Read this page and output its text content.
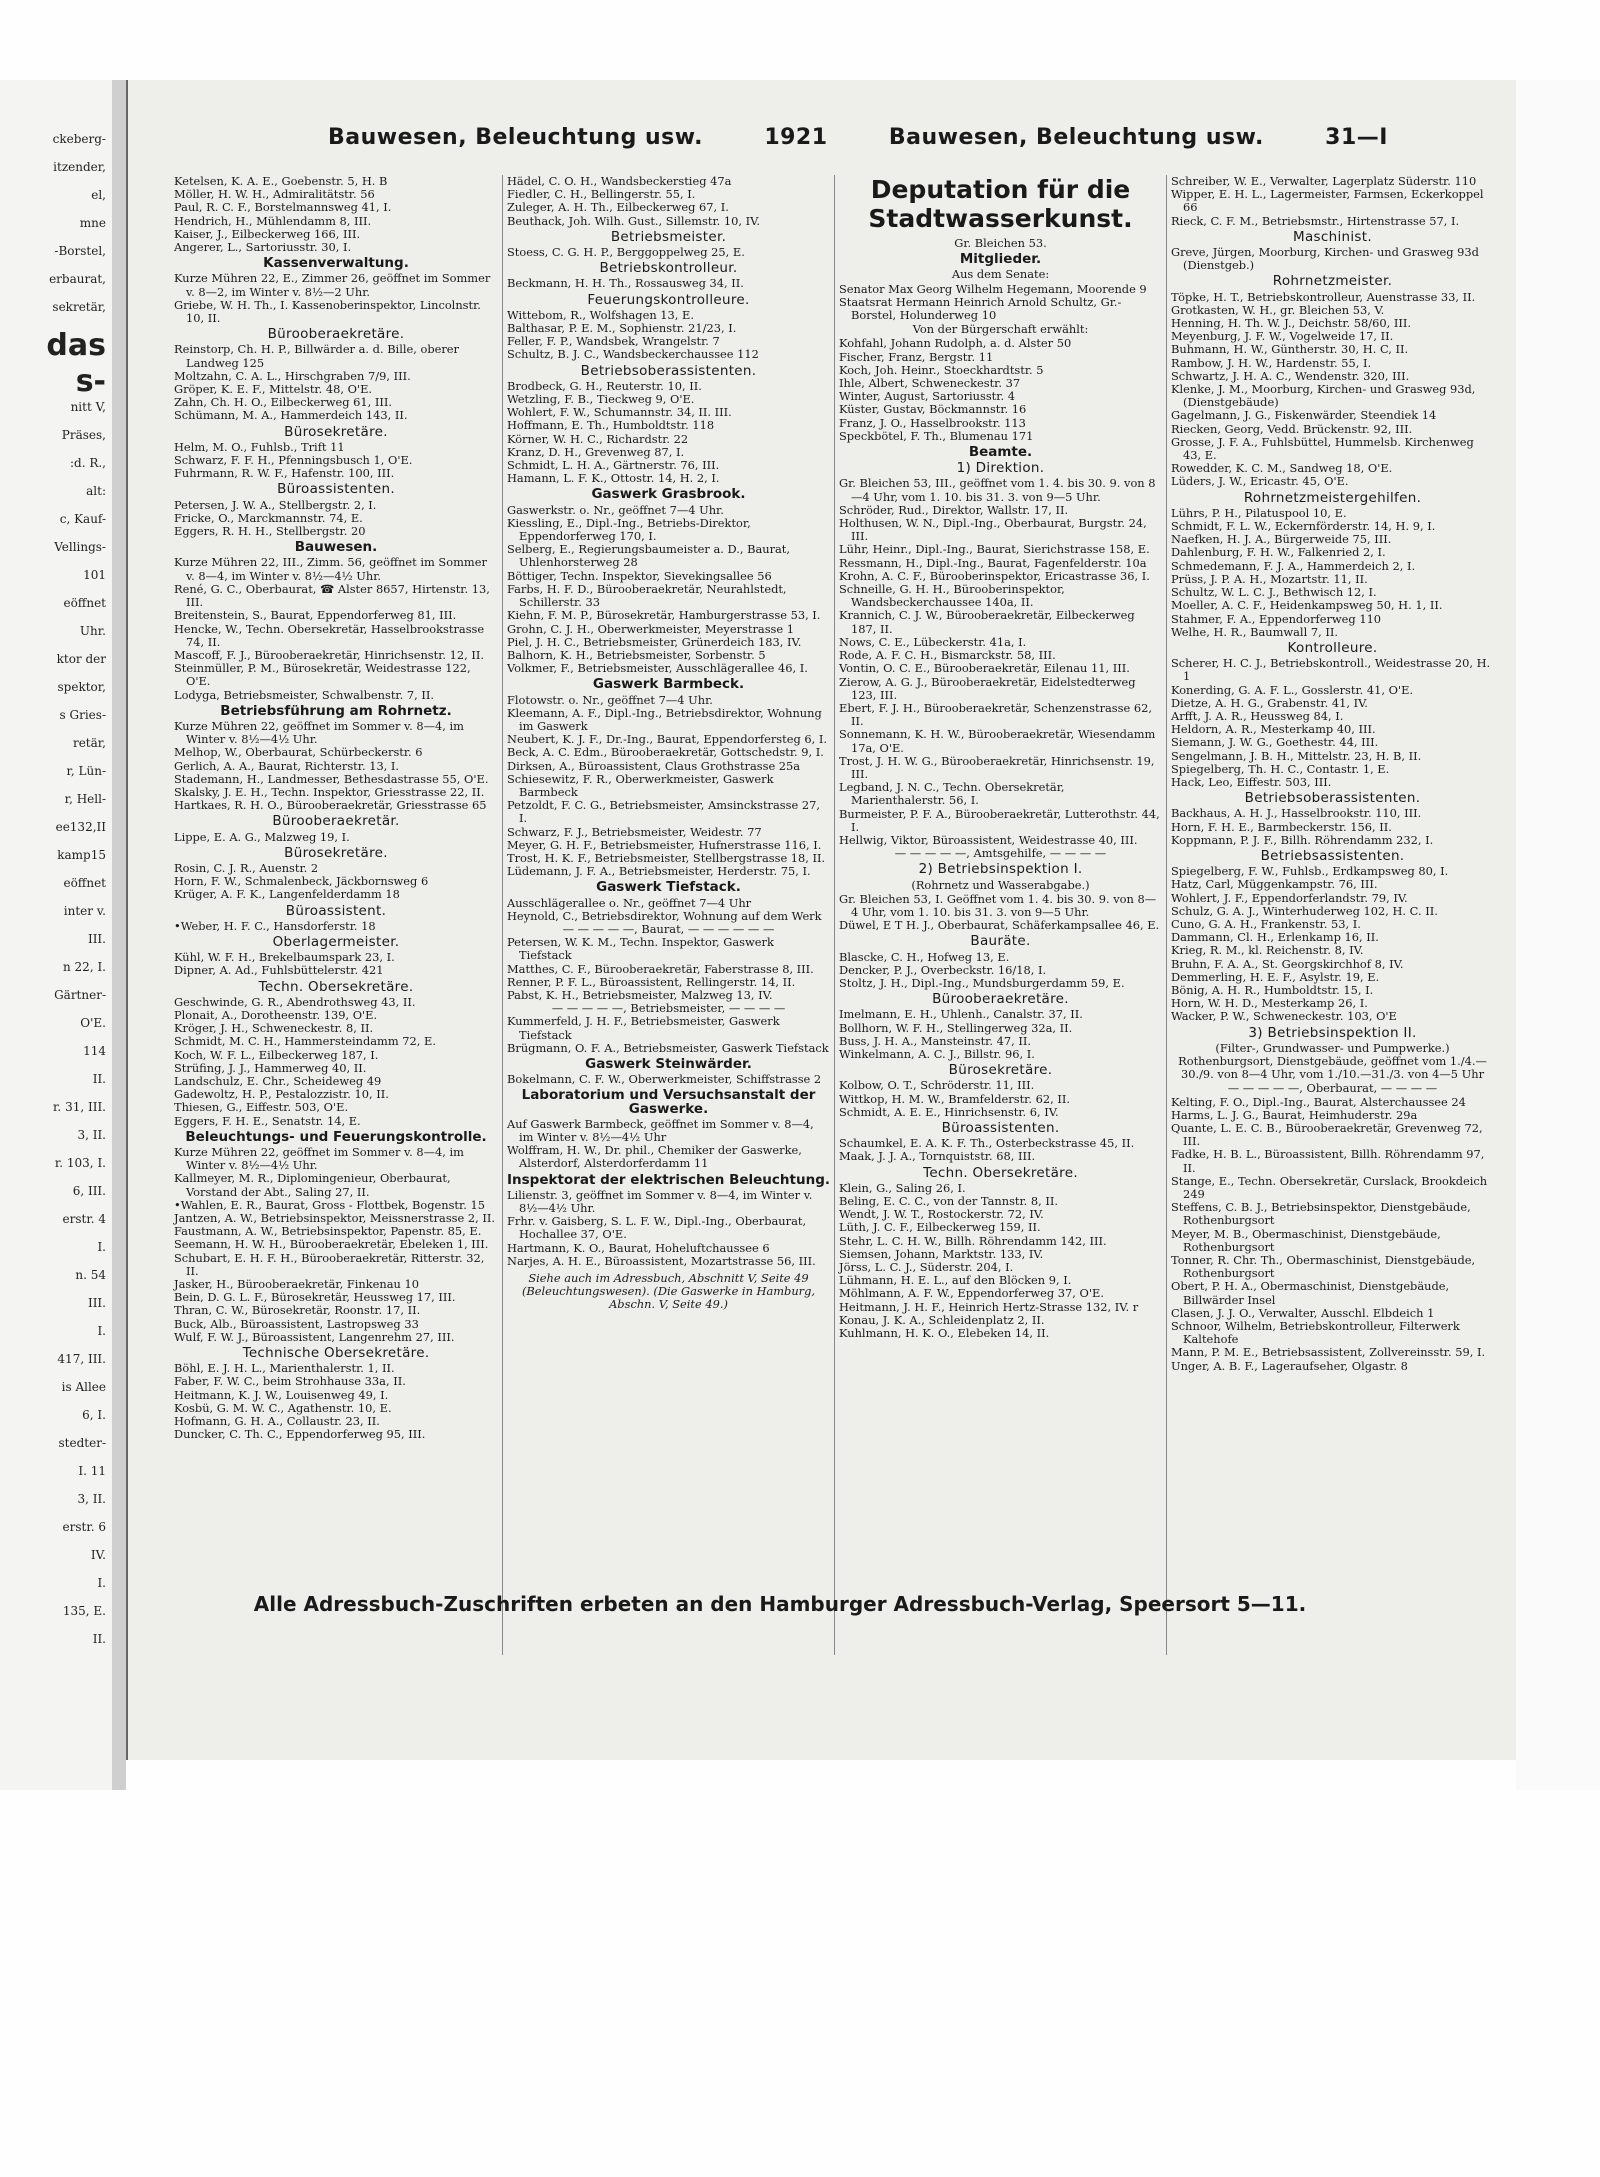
ckeberg-
itzender,
el,
mne
-Borstel,
erbaurat,
sekretär,
das
s-
nitt V,
Präses,
:d. R.,
alt:
c, Kauf-
Vellings-
101
eöffnet
Uhr.
ktor der
spektor,
s Gries-
retär,
r, Lün-
r, Hell-
ee132,II
kamp15
eöffnet
inter v.
III.
n 22, I.
Gärtner-
O'E.
114
II.
r. 31, III.
3, II.
r. 103, I.
6, III.
erstr. 4
I.
n. 54
III.
I.
417, III.
is Allee
6, I.
stedter-
I. 11
3, II.
erstr. 6
IV.
I.
135, E.
II.
Bauwesen, Beleuchtung usw.	1921	Bauwesen, Beleuchtung usw.	31—I
Ketelsen, K. A. E., Goebenstr. 5, H. B
Möller, H. W. H., Admiralitätstr. 56
Paul, R. C. F., Borstelmannsweg 41, I.
Hendrich, H., Mühlendamm 8, III.
Kaiser, J., Eilbeckerweg 166, III.
Angerer, L., Sartoriusstr. 30, I.
Kassenverwaltung.
Kurze Mühren 22, E., Zimmer 26, geöffnet im Sommer v. 8—2, im Winter v. 8½—2 Uhr.
Griebe, W. H. Th., I. Kassenoberinspektor, Lincolnstr. 10, II.
Bürooberaekretäre.
Reinstorp, Ch. H. P., Billwärder a. d. Bille, oberer Landweg 125
Moltzahn, C. A. L., Hirschgraben 7/9, III.
Gröper, K. E. F., Mittelstr. 48, O'E.
Zahn, Ch. H. O., Eilbeckerweg 61, III.
Schümann, M. A., Hammerdeich 143, II.
Bürosekretäre.
Helm, M. O., Fuhlsb., Trift 11
Schwarz, F. F. H., Pfenningsbusch 1, O'E.
Fuhrmann, R. W. F., Hafenstr. 100, III.
Büroassistenten.
Petersen, J. W. A., Stellbergstr. 2, I.
Fricke, O., Marckmannstr. 74, E.
Eggers, R. H. H., Stellbergstr. 20
Bauwesen.
Kurze Mühren 22, III., Zimm. 56, geöffnet im Sommer v. 8—4, im Winter v. 8½—4½ Uhr.
René, G. C., Oberbaurat, ☎ Alster 8657, Hirtenstr. 13, III.
Breitenstein, S., Baurat, Eppendorferweg 81, III.
Hencke, W., Techn. Obersekretär, Hasselbrookstrasse 74, II.
Mascoff, F. J., Bürooberaekretär, Hinrichsenstr. 12, II.
Steinmüller, P. M., Bürosekretär, Weidestrasse 122, O'E.
Lodyga, Betriebsmeister, Schwalbenstr. 7, II.
Betriebsführung am Rohrnetz.
Kurze Mühren 22, geöffnet im Sommer v. 8—4, im Winter v. 8½—4½ Uhr.
Melhop, W., Oberbaurat, Schürbeckerstr. 6
Gerlich, A. A., Baurat, Richterstr. 13, I.
Stademann, H., Landmesser, Bethesdastrasse 55, O'E.
Skalsky, J. E. H., Techn. Inspektor, Griesstrasse 22, II.
Hartkaes, R. H. O., Bürooberaekretär, Griesstrasse 65
Bürooberaekretär.
Lippe, E. A. G., Malzweg 19, I.
Bürosekretäre.
Rosin, C. J. R., Auenstr. 2
Horn, F. W., Schmalenbeck, Jäckbornsweg 6
Krüger, A. F. K., Langenfelderdamm 18
Büroassistent.
•Weber, H. F. C., Hansdorferstr. 18
Oberlagermeister.
Kühl, W. F. H., Brekelbaumspark 23, I.
Dipner, A. Ad., Fuhlsbüttelerstr. 421
Techn. Obersekretäre.
Geschwinde, G. R., Abendrothsweg 43, II.
Plonait, A., Dorotheenstr. 139, O'E.
Kröger, J. H., Schweneckestr. 8, II.
Schmidt, M. C. H., Hammersteindamm 72, E.
Koch, W. F. L., Eilbeckerweg 187, I.
Strüfing, J. J., Hammerweg 40, II.
Landschulz, E. Chr., Scheideweg 49
Gadewoltz, H. P., Pestalozzistr. 10, II.
Thiesen, G., Eiffestr. 503, O'E.
Eggers, F. H. E., Senatstr. 14, E.
Beleuchtungs- und Feuerungskontrolle.
Kurze Mühren 22, geöffnet im Sommer v. 8—4, im Winter v. 8½—4½ Uhr.
Kallmeyer, M. R., Diplomingenieur, Oberbaurat, Vorstand der Abt., Saling 27, II.
•Wahlen, E. R., Baurat, Gross - Flottbek, Bogenstr. 15
Jantzen, A. W., Betriebsinspektor, Meissnerstrasse 2, II.
Faustmann, A. W., Betriebsinspektor, Papenstr. 85, E.
Seemann, H. W. H., Bürooberaekretär, Ebeleken 1, III.
Schubart, E. H. F. H., Bürooberaekretär, Ritterstr. 32, II.
Jasker, H., Bürooberaekretär, Finkenau 10
Bein, D. G. L. F., Bürosekretär, Heussweg 17, III.
Thran, C. W., Bürosekretär, Roonstr. 17, II.
Buck, Alb., Büroassistent, Lastropsweg 33
Wulf, F. W. J., Büroassistent, Langenrehm 27, III.
Technische Obersekretäre.
Böhl, E. J. H. L., Marienthalerstr. 1, II.
Faber, F. W. C., beim Strohhause 33a, II.
Heitmann, K. J. W., Louisenweg 49, I.
Kosbü, G. M. W. C., Agathenstr. 10, E.
Hofmann, G. H. A., Collaustr. 23, II.
Duncker, C. Th. C., Eppendorferweg 95, III.
Hädel, C. O. H., Wandsbeckerstieg 47a
Fiedler, C. H., Bellingerstr. 55, I.
Zuleger, A. H. Th., Eilbeckerweg 67, I.
Beuthack, Joh. Wilh. Gust., Sillemstr. 10, IV.
Betriebsmeister.
Stoess, C. G. H. P., Berggoppelweg 25, E.
Betriebskontrolleur.
Beckmann, H. H. Th., Rossausweg 34, II.
Feuerungskontrolleure.
Wittebom, R., Wolfshagen 13, E.
Balthasar, P. E. M., Sophienstr. 21/23, I.
Feller, F. P., Wandsbek, Wrangelstr. 7
Schultz, B. J. C., Wandsbeckerchaussee 112
Betriebsoberassistenten.
Brodbeck, G. H., Reuterstr. 10, II.
Wetzling, F. B., Tieckweg 9, O'E.
Wohlert, F. W., Schumannstr. 34, II. III.
Hoffmann, E. Th., Humboldtstr. 118
Körner, W. H. C., Richardstr. 22
Kranz, D. H., Grevenweg 87, I.
Schmidt, L. H. A., Gärtnerstr. 76, III.
Hamann, L. F. K., Ottostr. 14, H. 2, I.
Gaswerk Grasbrook.
Gaswerkstr. o. Nr., geöffnet 7—4 Uhr.
Kiessling, E., Dipl.-Ing., Betriebs-Direktor, Eppendorferweg 170, I.
Selberg, E., Regierungsbaumeister a. D., Baurat, Uhlenhorsterweg 28
Böttiger, Techn. Inspektor, Sievekingsallee 56
Farbs, H. F. D., Bürooberaekretär, Neurahlstedt, Schillerstr. 33
Kiehn, F. M. P., Bürosekretär, Hamburgerstrasse 53, I.
Grohn, C. J. H., Oberwerkmeister, Meyerstrasse 1
Piel, J. H. C., Betriebsmeister, Grünerdeich 183, IV.
Balhorn, K. H., Betriebsmeister, Sorbenstr. 5
Volkmer, F., Betriebsmeister, Ausschlägerallee 46, I.
Gaswerk Barmbeck.
Flotowstr. o. Nr., geöffnet 7—4 Uhr.
Kleemann, A. F., Dipl.-Ing., Betriebsdirektor, Wohnung im Gaswerk
Neubert, K. J. F., Dr.-Ing., Baurat, Eppendorfersteg 6, I.
Beck, A. C. Edm., Bürooberaekretär, Gottschedstr. 9, I.
Dirksen, A., Büroassistent, Claus Grothstrasse 25a
Schiesewitz, F. R., Oberwerkmeister, Gaswerk Barmbeck
Petzoldt, F. C. G., Betriebsmeister, Amsinckstrasse 27, I.
Schwarz, F. J., Betriebsmeister, Weidestr. 77
Meyer, G. H. F., Betriebsmeister, Hufnerstrasse 116, I.
Trost, H. K. F., Betriebsmeister, Stellbergstrasse 18, II.
Lüdemann, J. F. A., Betriebsmeister, Herderstr. 75, I.
Gaswerk Tiefstack.
Ausschlägerallee o. Nr., geöffnet 7—4 Uhr
Heynold, C., Betriebsdirektor, Wohnung auf dem Werk
— — — — —, Baurat, — — — — — —
Petersen, W. K. M., Techn. Inspektor, Gaswerk Tiefstack
Matthes, C. F., Bürooberaekretär, Faberstrasse 8, III.
Renner, P. F. L., Büroassistent, Rellingerstr. 14, II.
Pabst, K. H., Betriebsmeister, Malzweg 13, IV.
— — — — —, Betriebsmeister, — — — —
Kummerfeld, J. H. F., Betriebsmeister, Gaswerk Tiefstack
Brügmann, O. F. A., Betriebsmeister, Gaswerk Tiefstack
Gaswerk Steinwärder.
Bokelmann, C. F. W., Oberwerkmeister, Schiffstrasse 2
Laboratorium und Versuchsanstalt der Gaswerke.
Auf Gaswerk Barmbeck, geöffnet im Sommer v. 8—4, im Winter v. 8½—4½ Uhr
Wolffram, H. W., Dr. phil., Chemiker der Gaswerke, Alsterdorf, Alsterdorferdamm 11
Inspektorat der elektrischen Beleuchtung.
Lilienstr. 3, geöffnet im Sommer v. 8—4, im Winter v. 8½—4½ Uhr.
Frhr. v. Gaisberg, S. L. F. W., Dipl.-Ing., Oberbaurat, Hochallee 37, O'E.
Hartmann, K. O., Baurat, Hoheluftchaussee 6
Narjes, A. H. E., Büroassistent, Mozartstrasse 56, III.
Siehe auch im Adressbuch, Abschnitt V, Seite 49 (Beleuchtungswesen). (Die Gaswerke in Hamburg, Abschn. V, Seite 49.)
Deputation für die Stadtwasserkunst.
Gr. Bleichen 53.
Mitglieder.
Aus dem Senate:
Senator Max Georg Wilhelm Hegemann, Moorende 9
Staatsrat Hermann Heinrich Arnold Schultz, Gr.-Borstel, Holunderweg 10
Von der Bürgerschaft erwählt:
Kohfahl, Johann Rudolph, a. d. Alster 50
Fischer, Franz, Bergstr. 11
Koch, Joh. Heinr., Stoeckhardtstr. 5
Ihle, Albert, Schweneckestr. 37
Winter, August, Sartoriusstr. 4
Küster, Gustav, Böckmannstr. 16
Franz, J. O., Hasselbrookstr. 113
Speckbötel, F. Th., Blumenau 171
Beamte.
1) Direktion.
Gr. Bleichen 53, III., geöffnet vom 1. 4. bis 30. 9. von 8—4 Uhr, vom 1. 10. bis 31. 3. von 9—5 Uhr.
Schröder, Rud., Direktor, Wallstr. 17, II.
Holthusen, W. N., Dipl.-Ing., Oberbaurat, Burgstr. 24, III.
Lühr, Heinr., Dipl.-Ing., Baurat, Sierichstrasse 158, E.
Ressmann, H., Dipl.-Ing., Baurat, Fagenfelderstr. 10a
Krohn, A. C. F., Bürooberinspektor, Ericastrasse 36, I.
Schneille, G. H. H., Bürooberinspektor, Wandsbeckerchaussee 140a, II.
Krannich, C. J. W., Bürooberaekretär, Eilbeckerweg 187, II.
Nows, C. E., Lübeckerstr. 41a, I.
Rode, A. F. C. H., Bismarckstr. 58, III.
Vontin, O. C. E., Bürooberaekretär, Eilenau 11, III.
Zierow, A. G. J., Bürooberaekretär, Eidelstedterweg 123, III.
Ebert, F. J. H., Bürooberaekretär, Schenzenstrasse 62, II.
Sonnemann, K. H. W., Bürooberaekretär, Wiesendamm 17a, O'E.
Trost, J. H. W. G., Bürooberaekretär, Hinrichsenstr. 19, III.
Legband, J. N. C., Techn. Obersekretär, Marienthalerstr. 56, I.
Burmeister, P. F. A., Bürooberaekretär, Lutterothstr. 44, I.
Hellwig, Viktor, Büroassistent, Weidestrasse 40, III.
— — — — —, Amtsgehilfe, — — — —
2) Betriebsinspektion I.
(Rohrnetz und Wasserabgabe.)
Gr. Bleichen 53, I. Geöffnet vom 1. 4. bis 30. 9. von 8—4 Uhr, vom 1. 10. bis 31. 3. von 9—5 Uhr.
Düwel, E T H. J., Oberbaurat, Schäferkampsallee 46, E.
Bauräte.
Blascke, C. H., Hofweg 13, E.
Dencker, P. J., Overbeckstr. 16/18, I.
Stoltz, J. H., Dipl.-Ing., Mundsburgerdamm 59, E.
Bürooberaekretäre.
Imelmann, E. H., Uhlenh., Canalstr. 37, II.
Bollhorn, W. F. H., Stellingerweg 32a, II.
Buss, J. H. A., Mansteinstr. 47, II.
Winkelmann, A. C. J., Billstr. 96, I.
Bürosekretäre.
Kolbow, O. T., Schröderstr. 11, III.
Wittkop, H. M. W., Bramfelderstr. 62, II.
Schmidt, A. E. E., Hinrichsenstr. 6, IV.
Büroassistenten.
Schaumkel, E. A. K. F. Th., Osterbeckstrasse 45, II.
Maak, J. J. A., Tornquiststr. 68, III.
Techn. Obersekretäre.
Klein, G., Saling 26, I.
Beling, E. C. C., von der Tannstr. 8, II.
Wendt, J. W. T., Rostockerstr. 72, IV.
Lüth, J. C. F., Eilbeckerweg 159, II.
Stehr, L. C. H. W., Billh. Röhrendamm 142, III.
Siemsen, Johann, Marktstr. 133, IV.
Jörss, L. C. J., Süderstr. 204, I.
Lühmann, H. E. L., auf den Blöcken 9, I.
Möhlmann, A. F. W., Eppendorferweg 37, O'E.
Heitmann, J. H. F., Heinrich Hertz-Strasse 132, IV. r
Konau, J. K. A., Schleidenplatz 2, II.
Kuhlmann, H. K. O., Elebeken 14, II.
Schreiber, W. E., Verwalter, Lagerplatz Süderstr. 110
Wipper, E. H. L., Lagermeister, Farmsen, Eckerkoppel 66
Rieck, C. F. M., Betriebsmstr., Hirtenstrasse 57, I.
Maschinist.
Greve, Jürgen, Moorburg, Kirchen- und Grasweg 93d (Dienstgeb.)
Rohrnetzmeister.
Töpke, H. T., Betriebskontrolleur, Auenstrasse 33, II.
Grotkasten, W. H., gr. Bleichen 53, V.
Henning, H. Th. W. J., Deichstr. 58/60, III.
Meyenburg, J. F. W., Vogelweide 17, II.
Buhmann, H. W., Güntherstr. 30, H. C, II.
Rambow, J. H. W., Hardenstr. 55, I.
Schwartz, J. H. A. C., Wendenstr. 320, III.
Klenke, J. M., Moorburg, Kirchen- und Grasweg 93d, (Dienstgebäude)
Gagelmann, J. G., Fiskenwärder, Steendiek 14
Riecken, Georg, Vedd. Brückenstr. 92, III.
Grosse, J. F. A., Fuhlsbüttel, Hummelsb. Kirchenweg 43, E.
Rowedder, K. C. M., Sandweg 18, O'E.
Lüders, J. W., Ericastr. 45, O'E.
Rohrnetzmeistergehilfen.
Lührs, P. H., Pilatuspool 10, E.
Schmidt, F. L. W., Eckernförderstr. 14, H. 9, I.
Naefken, H. J. A., Bürgerweide 75, III.
Dahlenburg, F. H. W., Falkenried 2, I.
Schmedemann, F. J. A., Hammerdeich 2, I.
Prüss, J. P. A. H., Mozartstr. 11, II.
Schultz, W. L. C. J., Bethwisch 12, I.
Moeller, A. C. F., Heidenkampsweg 50, H. 1, II.
Stahmer, F. A., Eppendorferweg 110
Welhe, H. R., Baumwall 7, II.
Kontrolleure.
Scherer, H. C. J., Betriebskontroll., Weidestrasse 20, H. 1
Konerding, G. A. F. L., Gosslerstr. 41, O'E.
Dietze, A. H. G., Grabenstr. 41, IV.
Arfft, J. A. R., Heussweg 84, I.
Heldorn, A. R., Mesterkamp 40, III.
Siemann, J. W. G., Goethestr. 44, III.
Sengelmann, J. B. H., Mittelstr. 23, H. B, II.
Spiegelberg, Th. H. C., Contastr. 1, E.
Hack, Leo, Eiffestr. 503, III.
Betriebsoberassistenten.
Backhaus, A. H. J., Hasselbrookstr. 110, III.
Horn, F. H. E., Barmbeckerstr. 156, II.
Koppmann, P. J. F., Billh. Röhrendamm 232, I.
Betriebsassistenten.
Spiegelberg, F. W., Fuhlsb., Erdkampsweg 80, I.
Hatz, Carl, Müggenkampstr. 76, III.
Wohlert, J. F., Eppendorferlandstr. 79, IV.
Schulz, G. A. J., Winterhuderweg 102, H. C. II.
Cuno, G. A. H., Frankenstr. 53, I.
Dammann, Cl. H., Erlenkamp 16, II.
Krieg, R. M., kl. Reichenstr. 8, IV.
Bruhn, F. A. A., St. Georgskirchhof 8, IV.
Demmerling, H. E. F., Asylstr. 19, E.
Bönig, A. H. R., Humboldtstr. 15, I.
Horn, W. H. D., Mesterkamp 26, I.
Wacker, P. W., Schweneckestr. 103, O'E
3) Betriebsinspektion II.
(Filter-, Grundwasser- und Pumpwerke.) Rothenburgsort, Dienstgebäude, geöffnet vom 1./4.—30./9. von 8—4 Uhr, vom 1./10.—31./3. von 4—5 Uhr
— — — — —, Oberbaurat, — — — —
Kelting, F. O., Dipl.-Ing., Baurat, Alsterchaussee 24
Harms, L. J. G., Baurat, Heimhuderstr. 29a
Quante, L. E. C. B., Bürooberaekretär, Grevenweg 72, III.
Fadke, H. B. L., Büroassistent, Billh. Röhrendamm 97, II.
Stange, E., Techn. Obersekretär, Curslack, Brookdeich 249
Steffens, C. B. J., Betriebsinspektor, Dienstgebäude, Rothenburgsort
Meyer, M. B., Obermaschinist, Dienstgebäude, Rothenburgsort
Tonner, R. Chr. Th., Obermaschinist, Dienstgebäude, Rothenburgsort
Obert, P. H. A., Obermaschinist, Dienstgebäude, Billwärder Insel
Clasen, J. J. O., Verwalter, Ausschl. Elbdeich 1
Schnoor, Wilhelm, Betriebskontrolleur, Filterwerk Kaltehofe
Mann, P. M. E., Betriebsassistent, Zollvereinsstr. 59, I.
Unger, A. B. F., Lageraufseher, Olgastr. 8
Alle Adressbuch-Zuschriften erbeten an den Hamburger Adressbuch-Verlag, Speersort 5—11.
